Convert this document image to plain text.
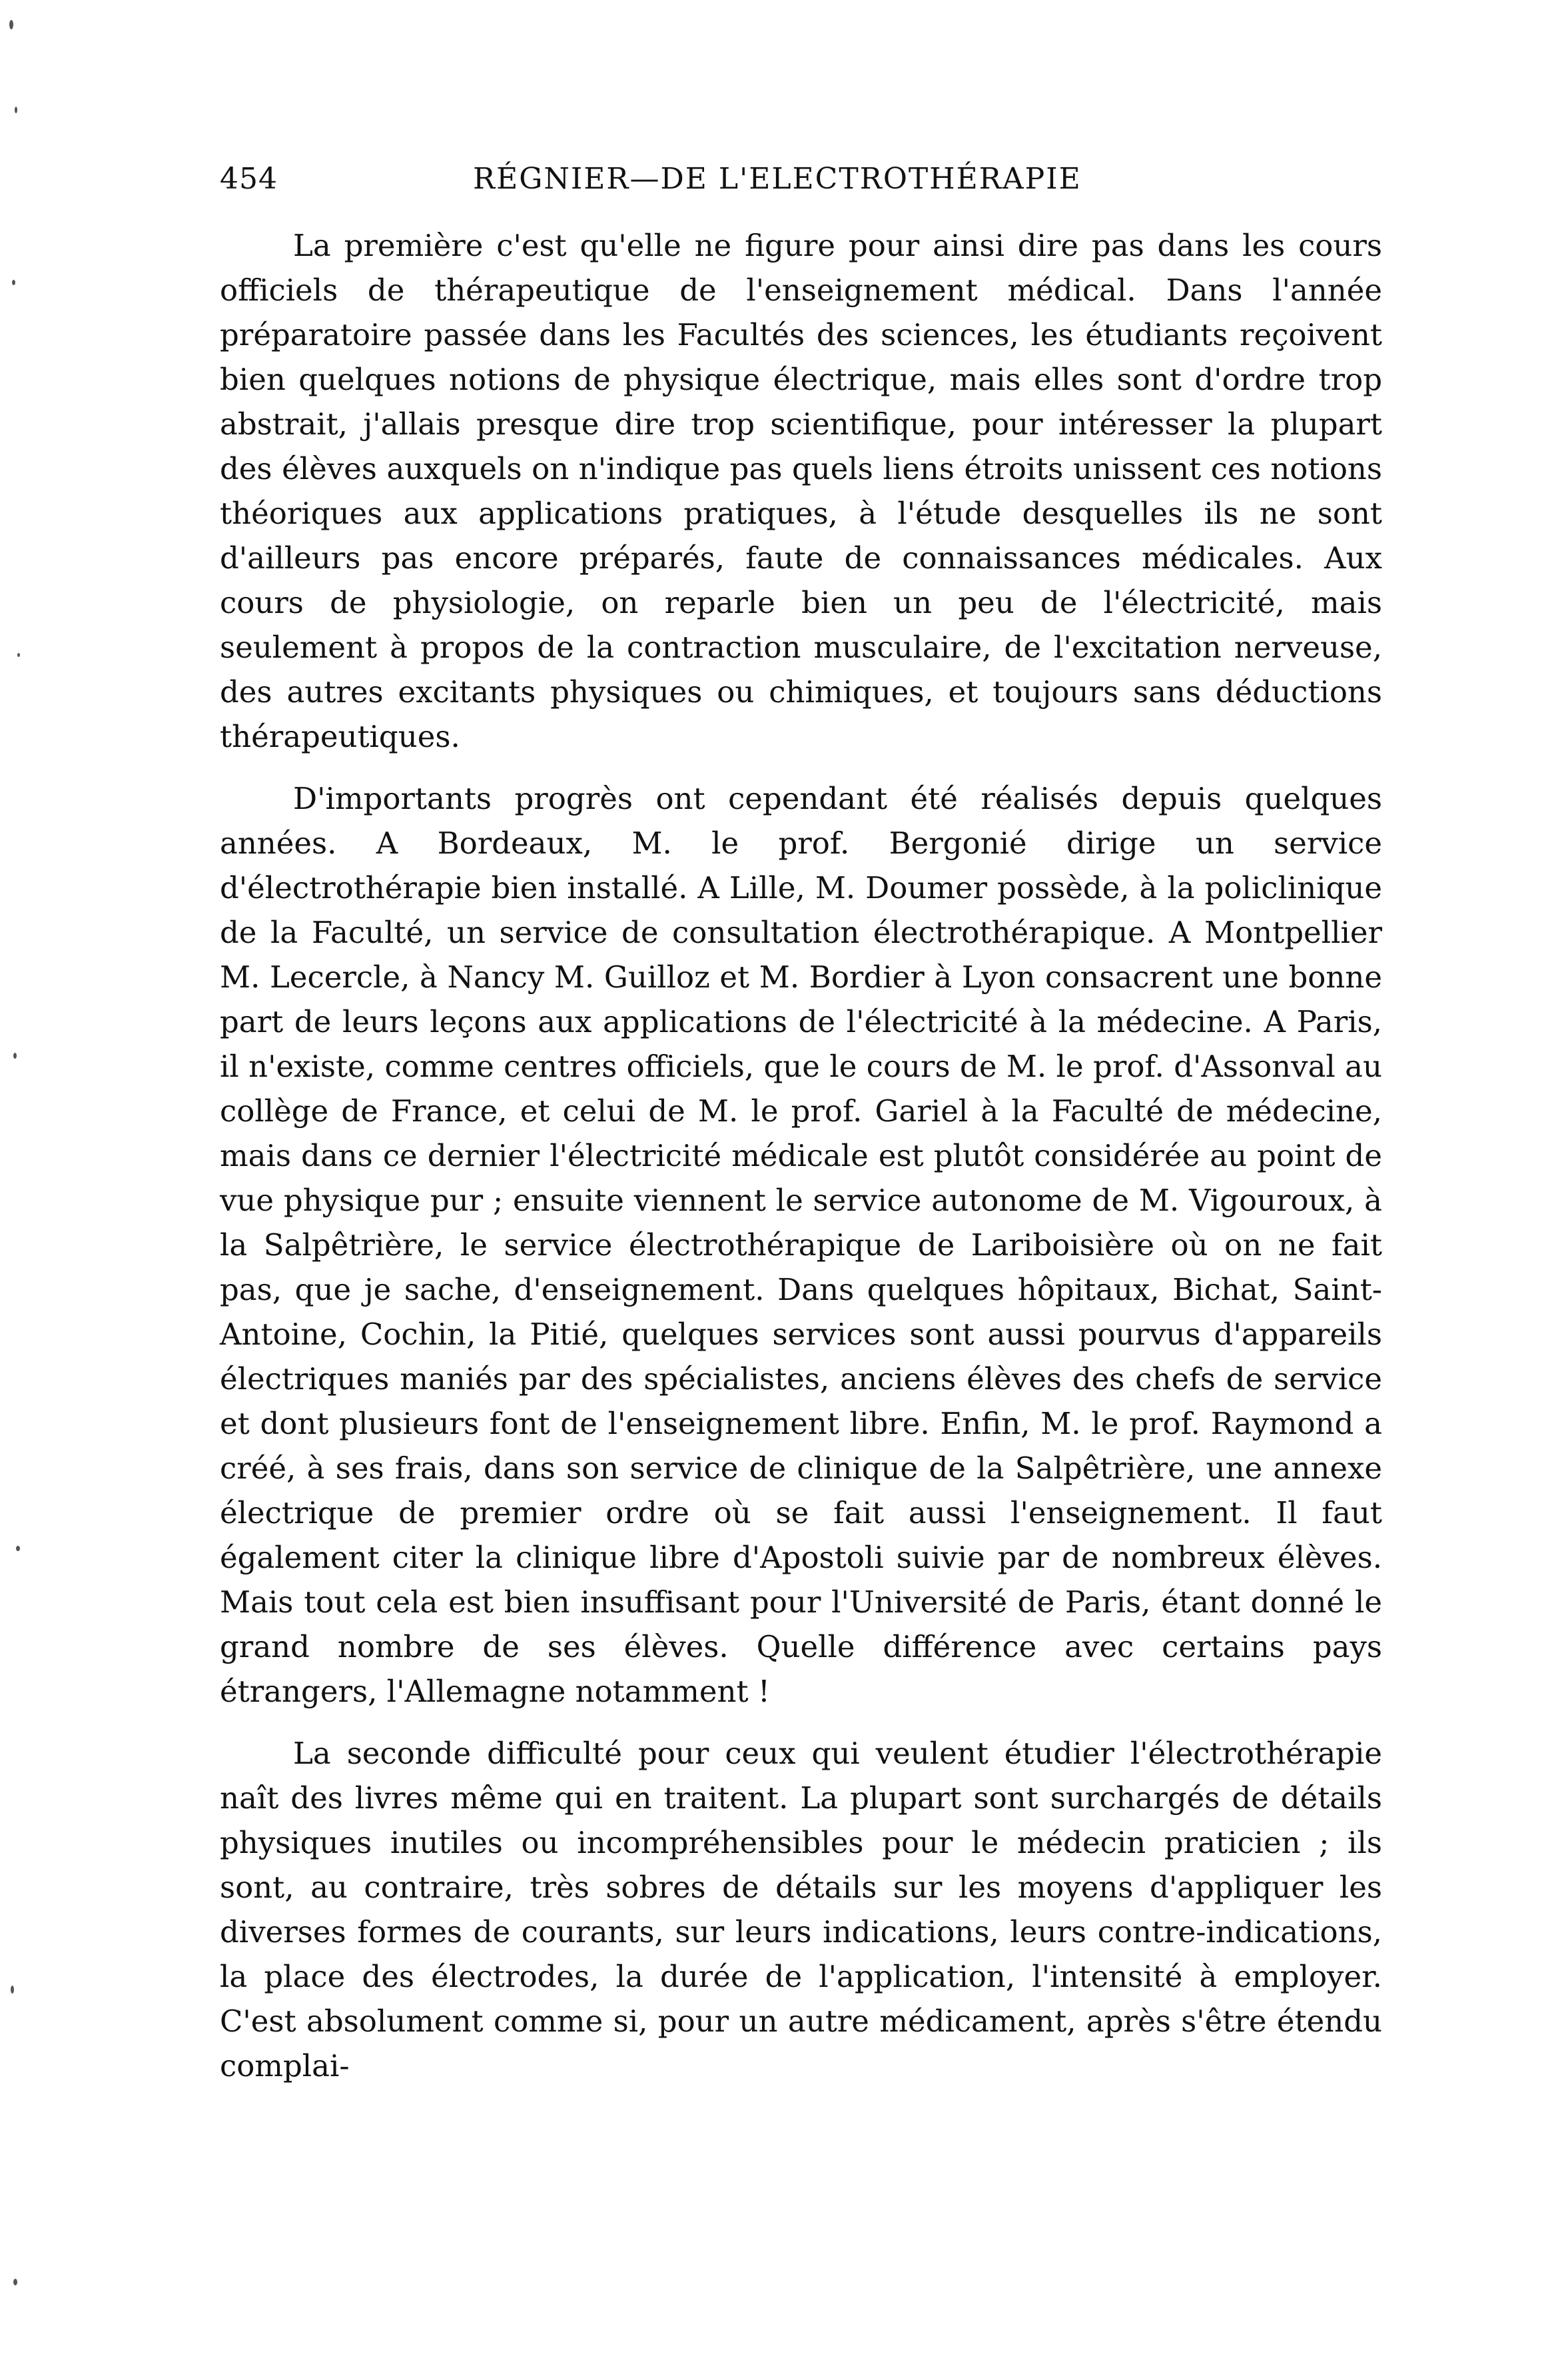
454	RÉGNIER—DE L'ELECTROTHÉRAPIE

La première c'est qu'elle ne figure pour ainsi dire pas dans les cours officiels de thérapeutique de l'enseignement médical. Dans l'année préparatoire passée dans les Facultés des sciences, les étudiants reçoivent bien quelques notions de physique électrique, mais elles sont d'ordre trop abstrait, j'allais presque dire trop scientifique, pour intéresser la plupart des élèves auxquels on n'indique pas quels liens étroits unissent ces notions théoriques aux applications pratiques, à l'étude desquelles ils ne sont d'ailleurs pas encore préparés, faute de connaissances médicales. Aux cours de physiologie, on reparle bien un peu de l'électricité, mais seulement à propos de la contraction musculaire, de l'excitation nerveuse, des autres excitants physiques ou chimiques, et toujours sans déductions thérapeutiques.

D'importants progrès ont cependant été réalisés depuis quelques années. A Bordeaux, M. le prof. Bergonié dirige un service d'électrothérapie bien installé. A Lille, M. Doumer possède, à la policlinique de la Faculté, un service de consultation électrothérapique. A Montpellier M. Lecercle, à Nancy M. Guilloz et M. Bordier à Lyon consacrent une bonne part de leurs leçons aux applications de l'électricité à la médecine. A Paris, il n'existe, comme centres officiels, que le cours de M. le prof. d'Assonval au collège de France, et celui de M. le prof. Gariel à la Faculté de médecine, mais dans ce dernier l'électricité médicale est plutôt considérée au point de vue physique pur ; ensuite viennent le service autonome de M. Vigouroux, à la Salpêtrière, le service électrothérapique de Lariboisière où on ne fait pas, que je sache, d'enseignement. Dans quelques hôpitaux, Bichat, Saint-Antoine, Cochin, la Pitié, quelques services sont aussi pourvus d'appareils électriques maniés par des spécialistes, anciens élèves des chefs de service et dont plusieurs font de l'enseignement libre. Enfin, M. le prof. Raymond a créé, à ses frais, dans son service de clinique de la Salpêtrière, une annexe électrique de premier ordre où se fait aussi l'enseignement. Il faut également citer la clinique libre d'Apostoli suivie par de nombreux élèves. Mais tout cela est bien insuffisant pour l'Université de Paris, étant donné le grand nombre de ses élèves. Quelle différence avec certains pays étrangers, l'Allemagne notamment !

La seconde difficulté pour ceux qui veulent étudier l'électrothérapie naît des livres même qui en traitent. La plupart sont surchargés de détails physiques inutiles ou incompréhensibles pour le médecin praticien ; ils sont, au contraire, très sobres de détails sur les moyens d'appliquer les diverses formes de courants, sur leurs indications, leurs contre-indications, la place des électrodes, la durée de l'application, l'intensité à employer. C'est absolument comme si, pour un autre médicament, après s'être étendu complai-
